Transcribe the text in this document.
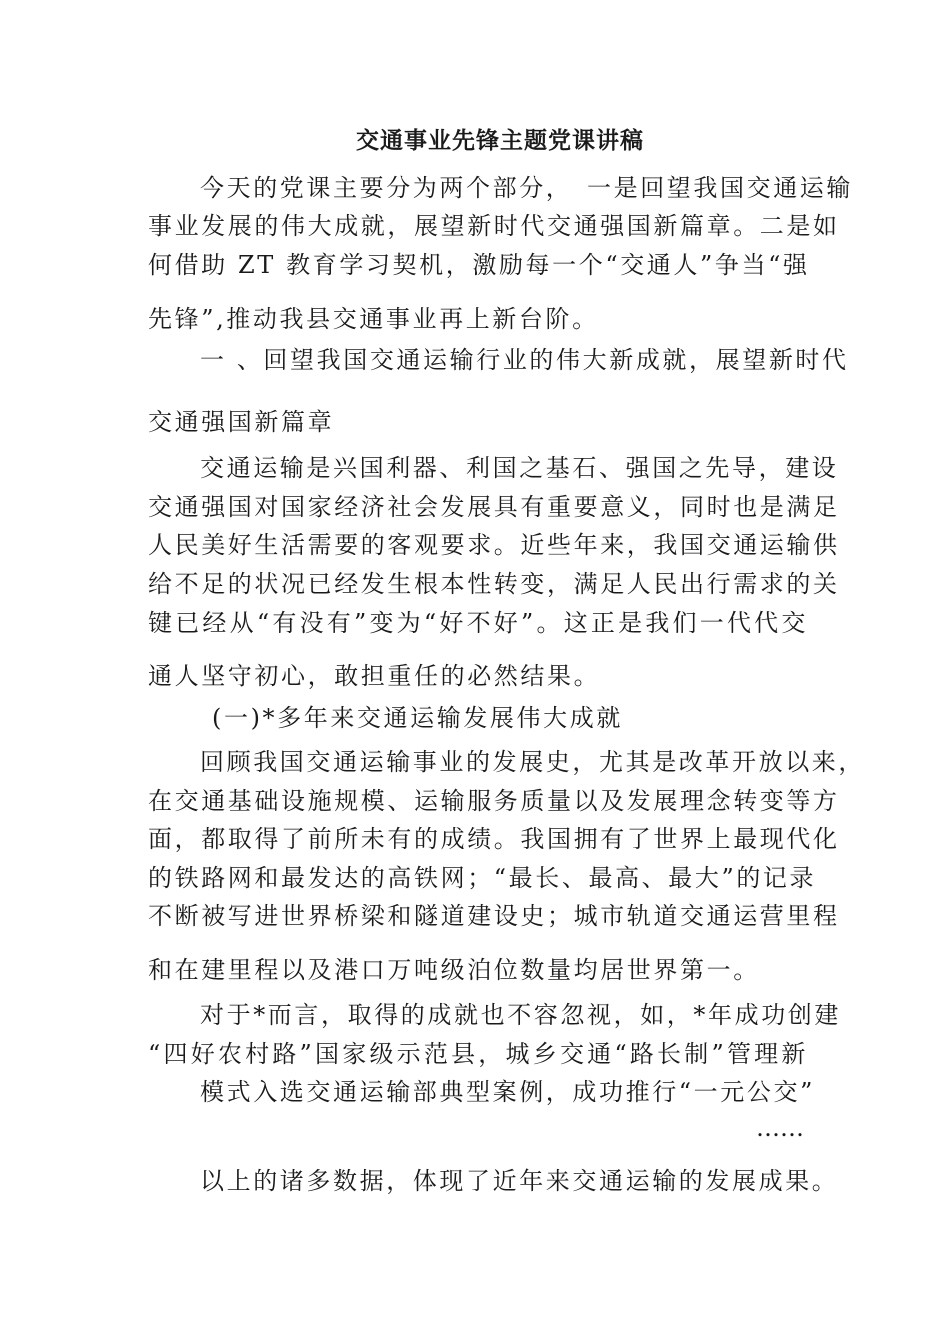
交通事业先锋主题党课讲稿
今天的党课主要分为两个部分，　一是回望我国交通运输
事业发展的伟大成就，展望新时代交通强国新篇章。二是如
何借助 ZT 教育学习契机，激励每一个“交通人”争当“强
先锋”,推动我县交通事业再上新台阶。
一 、回望我国交通运输行业的伟大新成就，展望新时代
交通强国新篇章
交通运输是兴国利器、利国之基石、强国之先导，建设
交通强国对国家经济社会发展具有重要意义，同时也是满足
人民美好生活需要的客观要求。近些年来，我国交通运输供
给不足的状况已经发生根本性转变，满足人民出行需求的关
键已经从“有没有”变为“好不好”。这正是我们一代代交
通人坚守初心，敢担重任的必然结果。
(一)*多年来交通运输发展伟大成就
回顾我国交通运输事业的发展史，尤其是改革开放以来，
在交通基础设施规模、运输服务质量以及发展理念转变等方
面，都取得了前所未有的成绩。我国拥有了世界上最现代化
的铁路网和最发达的高铁网；“最长、最高、最大”的记录
不断被写进世界桥梁和隧道建设史；城市轨道交通运营里程
和在建里程以及港口万吨级泊位数量均居世界第一。
对于*而言，取得的成就也不容忽视，如，*年成功创建
“四好农村路”国家级示范县，城乡交通“路长制”管理新
模式入选交通运输部典型案例，成功推行“一元公交”
……
以上的诸多数据，体现了近年来交通运输的发展成果。
